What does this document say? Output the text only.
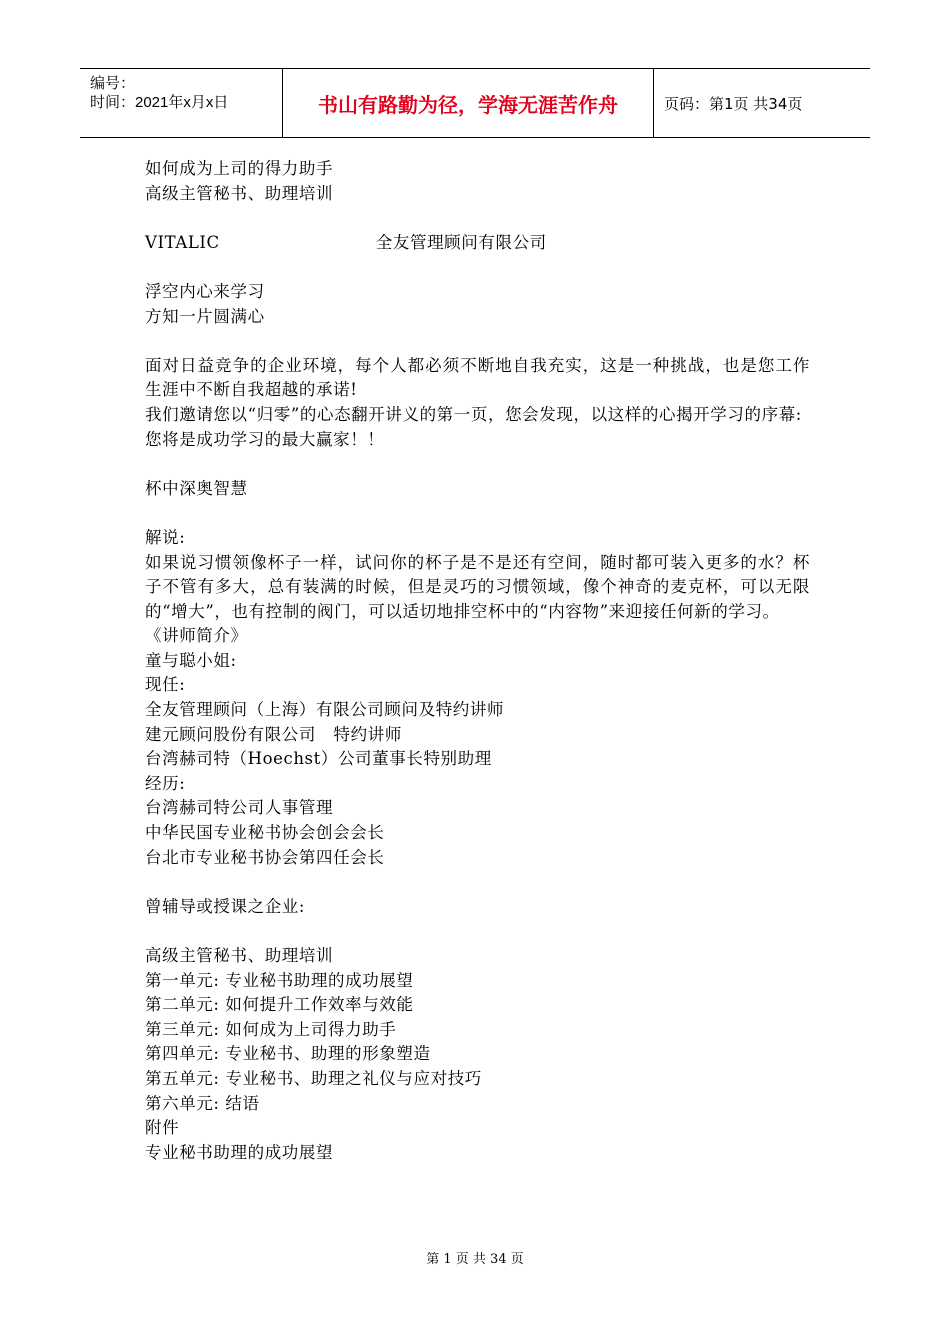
编号：
时间：2021年x月x日	书山有路勤为径，学海无涯苦作舟	页码：第1页 共34页

如何成为上司的得力助手

高级主管秘书、助理培训

VITALIC	全友管理顾问有限公司

浮空内心来学习

方知一片圆满心

面对日益竞争的企业环境，每个人都必须不断地自我充实，这是一种挑战，也是您工作生涯中不断自我超越的承诺!

我们邀请您以“归零”的心态翻开讲义的第一页，您会发现，以这样的心揭开学习的序幕:

您将是成功学习的最大赢家！！

杯中深奥智慧

解说:

如果说习惯领像杯子一样，试问你的杯子是不是还有空间，随时都可装入更多的水？杯子不管有多大，总有装满的时候，但是灵巧的习惯领域，像个神奇的麦克杯，可以无限的“增大”，也有控制的阀门，可以适切地排空杯中的“内容物”来迎接任何新的学习。

《讲师简介》

童与聪小姐:

现任:

全友管理顾问（上海）有限公司顾问及特约讲师

建元顾问股份有限公司   特约讲师

台湾赫司特（Hoechst）公司董事长特别助理

经历:

台湾赫司特公司人事管理

中华民国专业秘书协会创会会长

台北市专业秘书协会第四任会长

曾辅导或授课之企业:

高级主管秘书、助理培训

第一单元: 专业秘书助理的成功展望

第二单元: 如何提升工作效率与效能

第三单元: 如何成为上司得力助手

第四单元: 专业秘书、助理的形象塑造

第五单元: 专业秘书、助理之礼仪与应对技巧

第六单元: 结语

附件

专业秘书助理的成功展望

第 1 页 共 34 页
